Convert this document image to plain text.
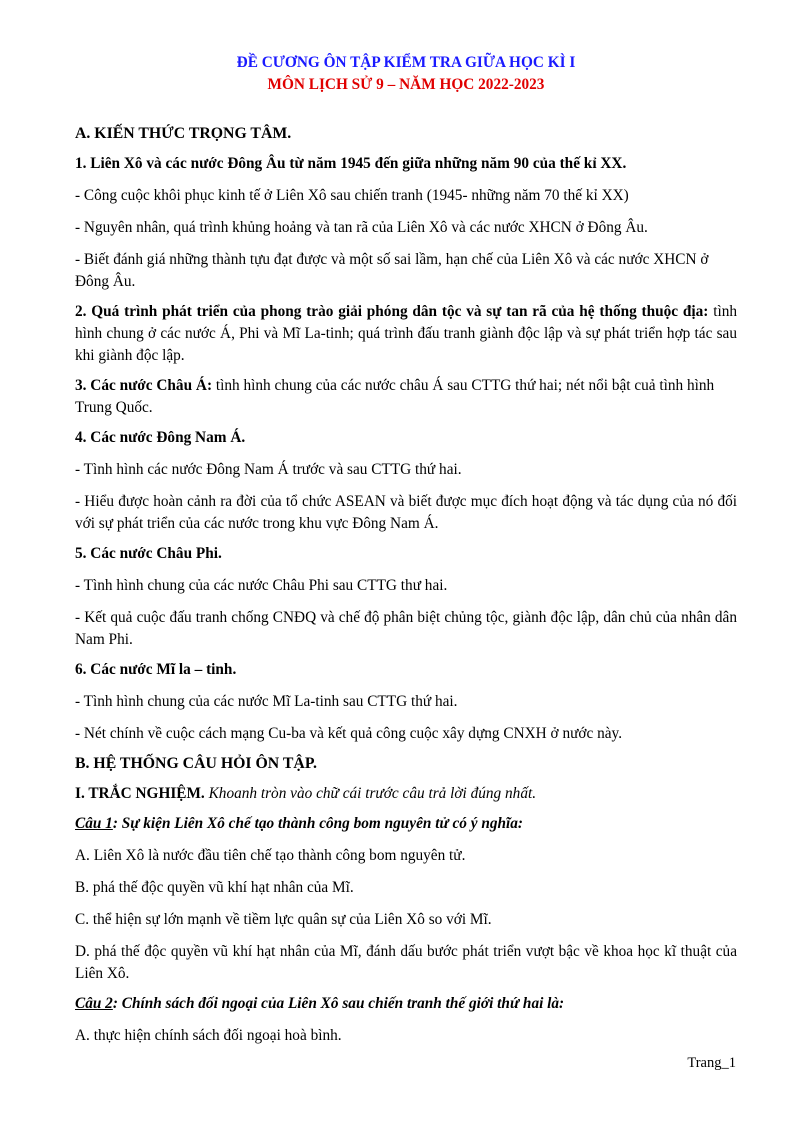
ĐỀ CƯƠNG ÔN TẬP KIỂM TRA GIỮA HỌC KÌ I
MÔN LỊCH SỬ 9 – NĂM HỌC 2022-2023
A. KIẾN THỨC TRỌNG TÂM.
1. Liên Xô và các nước Đông Âu từ năm 1945 đến giữa những năm 90 của thế kỉ XX.
- Công cuộc khôi phục kinh tế ở Liên Xô sau chiến tranh (1945- những năm 70 thế kỉ XX)
- Nguyên nhân, quá trình khủng hoảng và tan rã của Liên Xô và các nước XHCN ở Đông Âu.
- Biết đánh giá những thành tựu đạt được và một số sai lầm, hạn chế của Liên Xô và các nước XHCN ở Đông Âu.
2. Quá trình phát triển của phong trào giải phóng dân tộc và sự tan rã của hệ thống thuộc địa: tình hình chung ở các nước Á, Phi và Mĩ La-tinh; quá trình đấu tranh giành độc lập và sự phát triển hợp tác sau khi giành độc lập.
3. Các nước Châu Á: tình hình chung của các nước châu Á sau CTTG thứ hai; nét nổi bật cuả tình hình Trung Quốc.
4. Các nước Đông Nam Á.
- Tình hình các nước Đông Nam Á trước và sau CTTG thứ hai.
- Hiểu được hoàn cảnh ra đời của tổ chức ASEAN và biết được mục đích hoạt động và tác dụng của nó đối với sự phát triển của các nước trong khu vực Đông Nam Á.
5. Các nước Châu Phi.
- Tình hình chung của các nước Châu Phi sau CTTG thư hai.
- Kết quả cuộc đấu tranh chống CNĐQ và chế độ phân biệt chủng tộc, giành độc lập, dân chủ của nhân dân Nam Phi.
6. Các nước Mĩ la – tinh.
- Tình hình chung của các nước Mĩ La-tinh sau CTTG thứ hai.
- Nét chính về cuộc cách mạng Cu-ba và kết quả công cuộc xây dựng CNXH ở nước này.
B. HỆ THỐNG CÂU HỎI ÔN TẬP.
I. TRẮC NGHIỆM. Khoanh tròn vào chữ cái trước câu trả lời đúng nhất.
Câu 1: Sự kiện Liên Xô chế tạo thành công bom nguyên tử có ý nghĩa:
A. Liên Xô là nước đầu tiên chế tạo thành công bom nguyên tử.
B. phá thế độc quyền vũ khí hạt nhân của Mĩ.
C. thể hiện sự lớn mạnh về tiềm lực quân sự của Liên Xô so với Mĩ.
D. phá thế độc quyền vũ khí hạt nhân của Mĩ, đánh dấu bước phát triển vượt bậc về khoa học kĩ thuật của Liên Xô.
Câu 2: Chính sách đối ngoại của Liên Xô sau chiến tranh thế giới thứ hai là:
A. thực hiện chính sách đối ngoại hoà bình.
Trang_1
